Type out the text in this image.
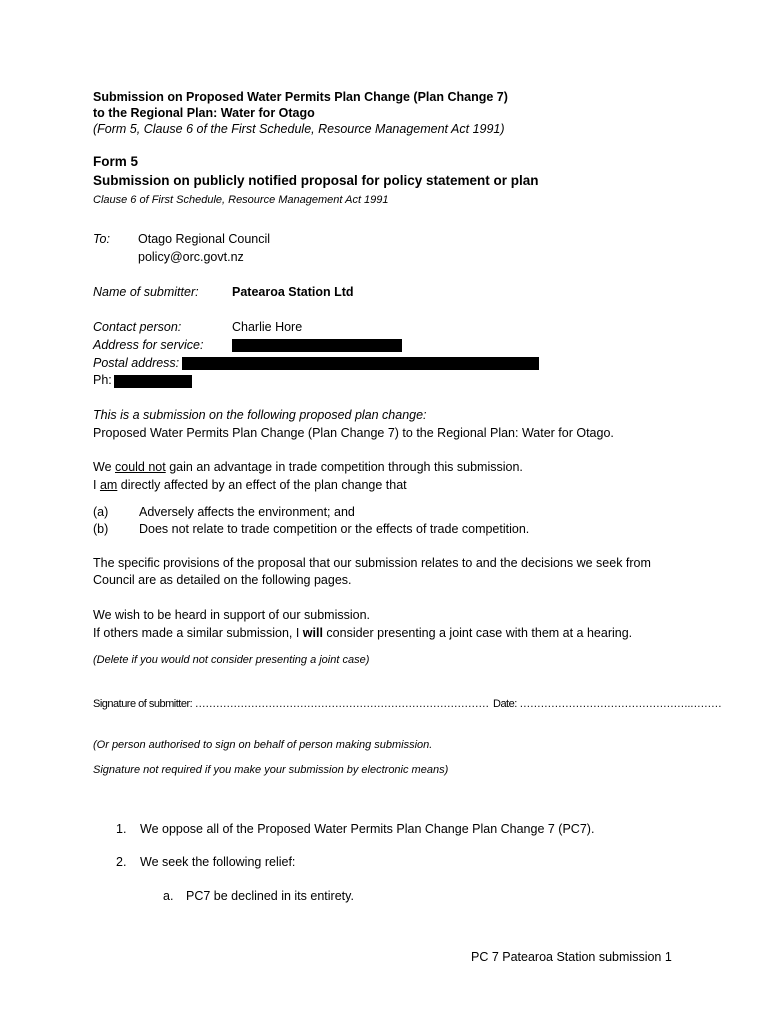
Submission on Proposed Water Permits Plan Change (Plan Change 7)
to the Regional Plan: Water for Otago
(Form 5, Clause 6 of the First Schedule, Resource Management Act 1991)
Form 5
Submission on publicly notified proposal for policy statement or plan
Clause 6 of First Schedule, Resource Management Act 1991
To: Otago Regional Council
policy@orc.govt.nz
Name of submitter:	Patearoa Station Ltd
Contact person:	Charlie Hore
Address for service:
Postal address:
Ph:
This is a submission on the following proposed plan change:
Proposed Water Permits Plan Change (Plan Change 7) to the Regional Plan: Water for Otago.
We could not gain an advantage in trade competition through this submission.
I am directly affected by an effect of the plan change that
(a) Adversely affects the environment; and
(b) Does not relate to trade competition or the effects of trade competition.
The specific provisions of the proposal that our submission relates to and the decisions we seek from
Council are as detailed on the following pages.
We wish to be heard in support of our submission.
If others made a similar submission, I will consider presenting a joint case with them at a hearing.
(Delete if you would not consider presenting a joint case)
Signature of submitter: ………………………………………………………………………… Date: ………………………………………….………
(Or person authorised to sign on behalf of person making submission.
Signature not required if you make your submission by electronic means)
1. We oppose all of the Proposed Water Permits Plan Change Plan Change 7 (PC7).
2. We seek the following relief:
a. PC7 be declined in its entirety.
PC 7 Patearoa Station submission 1
